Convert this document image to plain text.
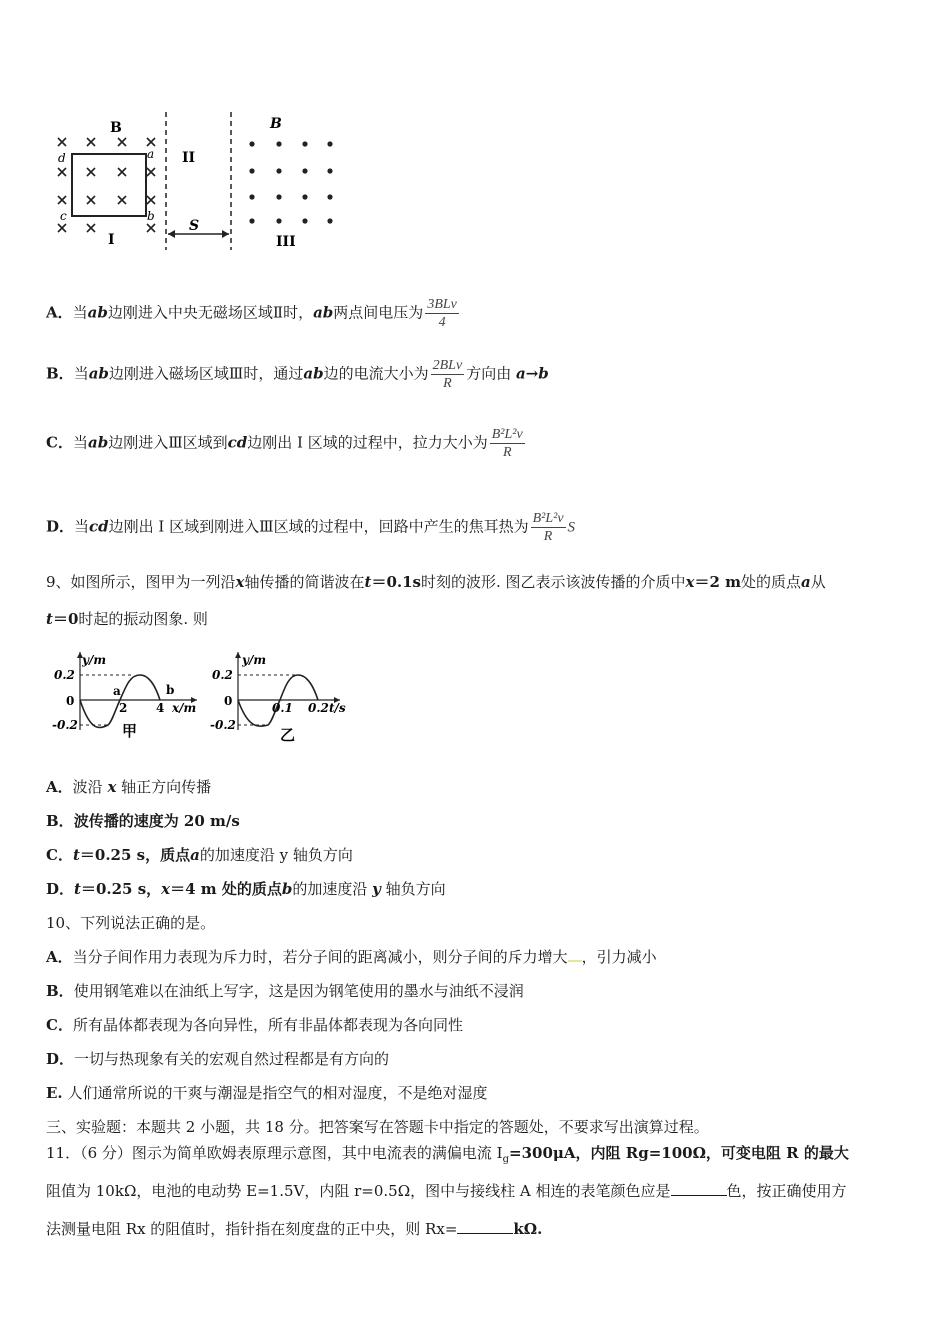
B	B
d	a
c	b
I
II
III
S
A．当ab边刚进入中央无磁场区域Ⅱ时，ab两点间电压为 $\frac{\text{3BLv}}{4}$
B．当ab边刚进入磁场区域Ⅲ时，通过ab边的电流大小为 $\frac{\text{2BLv}}{R}$ 方向由 a→b
C．当ab边刚进入Ⅲ区域到cd边刚出 I 区域的过程中，拉力大小为 $\frac{\text{B²L²v}}{R}$
D．当cd边刚出 I 区域到刚进入Ⅲ区域的过程中，回路中产生的焦耳热为 $\frac{\text{B²L²v}}{R}$ S
9、如图所示，图甲为一列沿x轴传播的简谐波在t＝0.1s时刻的波形. 图乙表示该波传播的介质中x＝2 m处的质点a从
t＝0时起的振动图象. 则
y/m
0.2
-0.2
0	2 4 x/m
a	b
甲
y/m
0.2
-0.2
0	0.1 0.2 t/s
乙
A．波沿 x 轴正方向传播
B．波传播的速度为 20 m/s
C．t＝0.25 s，质点a的加速度沿 y 轴负方向
D．t＝0.25 s，x＝4 m 处的质点b的加速度沿 y 轴负方向
10、下列说法正确的是。
A．当分子间作用力表现为斥力时，若分子间的距离减小，则分子间的斥力增大 ，引力减小
B．使用钢笔难以在油纸上写字，这是因为钢笔使用的墨水与油纸不浸润
C．所有晶体都表现为各向异性，所有非晶体都表现为各向同性
D．一切与热现象有关的宏观自然过程都是有方向的
E. 人们通常所说的干爽与潮湿是指空气的相对湿度，不是绝对湿度
三、实验题：本题共 2 小题，共 18 分。把答案写在答题卡中指定的答题处，不要求写出演算过程。
11．（6 分）图示为简单欧姆表原理示意图，其中电流表的满偏电流 $I_g=300\mu A$，内阻 Rg=100Ω，可变电阻 R 的最大
阻值为 10kΩ，电池的电动势 E=1.5V，内阻 r=0.5Ω，图中与接线柱 A 相连的表笔颜色应是	色，按正确使用方
法测量电阻 Rx 的阻值时，指针指在刻度盘的正中央，则 Rx=	kΩ.
